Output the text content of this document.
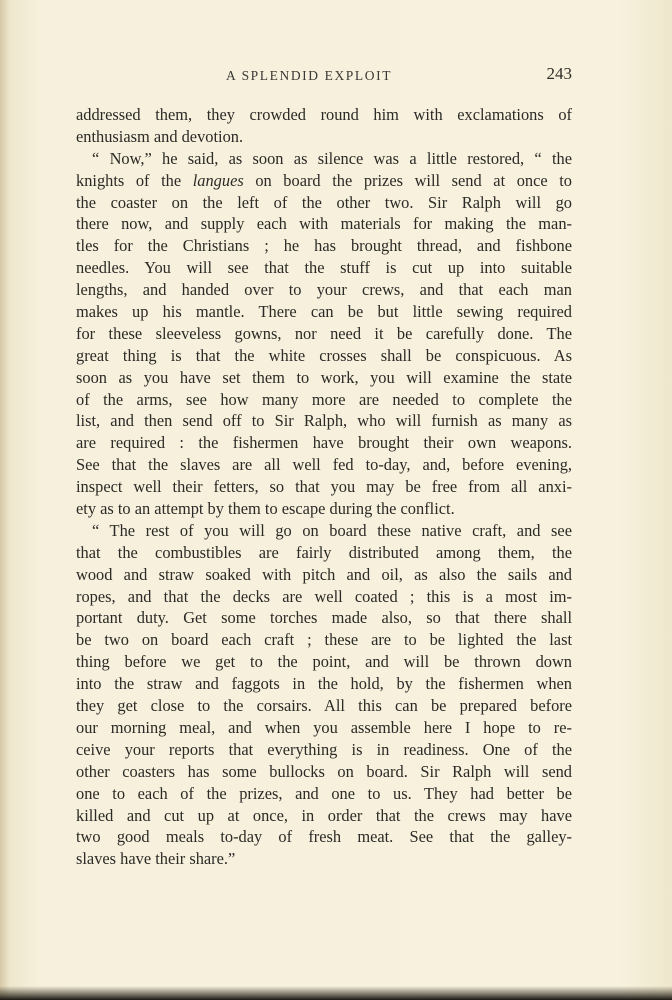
A SPLENDID EXPLOIT	243
addressed them, they crowded round him with exclamations of
enthusiasm and devotion.
“ Now,” he said, as soon as silence was a little restored, “ the
knights of the langues on board the prizes will send at once to
the coaster on the left of the other two. Sir Ralph will go
there now, and supply each with materials for making the man-
tles for the Christians ; he has brought thread, and fishbone
needles. You will see that the stuff is cut up into suitable
lengths, and handed over to your crews, and that each man
makes up his mantle. There can be but little sewing required
for these sleeveless gowns, nor need it be carefully done. The
great thing is that the white crosses shall be conspicuous. As
soon as you have set them to work, you will examine the state
of the arms, see how many more are needed to complete the
list, and then send off to Sir Ralph, who will furnish as many as
are required : the fishermen have brought their own weapons.
See that the slaves are all well fed to-day, and, before evening,
inspect well their fetters, so that you may be free from all anxi-
ety as to an attempt by them to escape during the conflict.
“ The rest of you will go on board these native craft, and see
that the combustibles are fairly distributed among them, the
wood and straw soaked with pitch and oil, as also the sails and
ropes, and that the decks are well coated ; this is a most im-
portant duty. Get some torches made also, so that there shall
be two on board each craft ; these are to be lighted the last
thing before we get to the point, and will be thrown down
into the straw and faggots in the hold, by the fishermen when
they get close to the corsairs. All this can be prepared before
our morning meal, and when you assemble here I hope to re-
ceive your reports that everything is in readiness. One of the
other coasters has some bullocks on board. Sir Ralph will send
one to each of the prizes, and one to us. They had better be
killed and cut up at once, in order that the crews may have
two good meals to-day of fresh meat. See that the galley-
slaves have their share.”
